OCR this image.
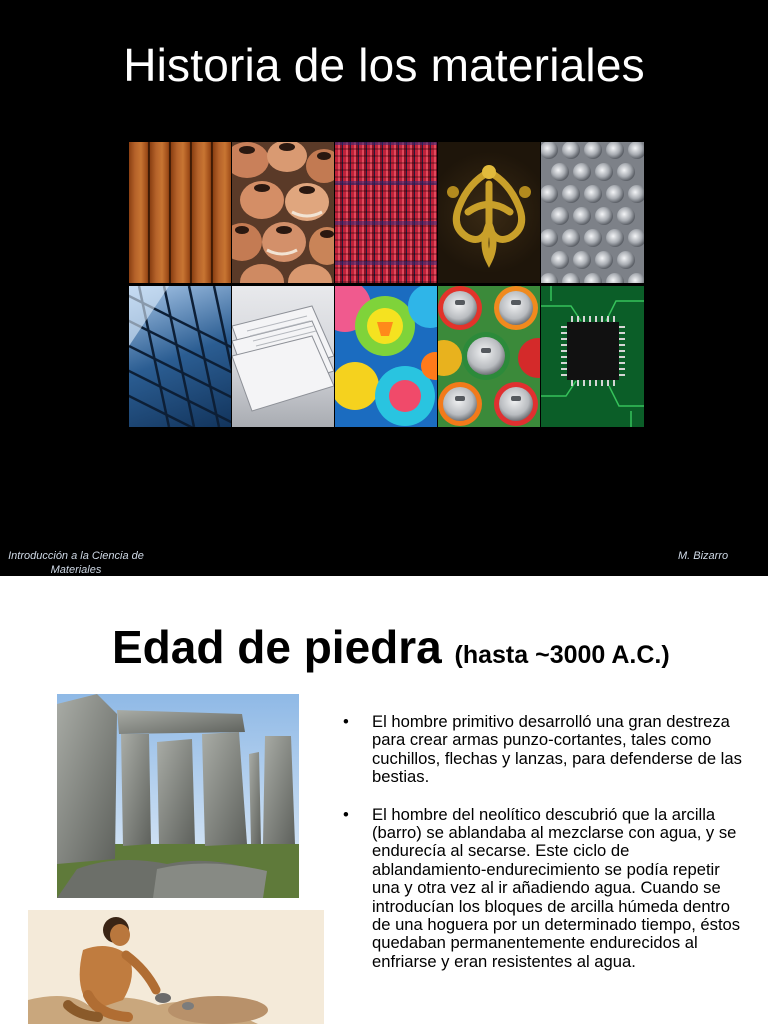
Historia de los materiales
Introducción a la Ciencia de Materiales
M. Bizarro
Edad de piedra (hasta ~3000 A.C.)
• El hombre primitivo desarrolló una gran destreza para crear armas punzo-cortantes, tales como cuchillos, flechas y lanzas, para defenderse de las bestias.
• El hombre del neolítico descubrió que la arcilla (barro) se ablandaba al mezclarse con agua, y se endurecía al secarse. Este ciclo de ablandamiento-endurecimiento se podía repetir una y otra vez al ir añadiendo agua. Cuando se introducían los bloques de arcilla húmeda dentro de una hoguera por un determinado tiempo, éstos quedaban permanentemente endurecidos al enfriarse y eran resistentes al agua.
